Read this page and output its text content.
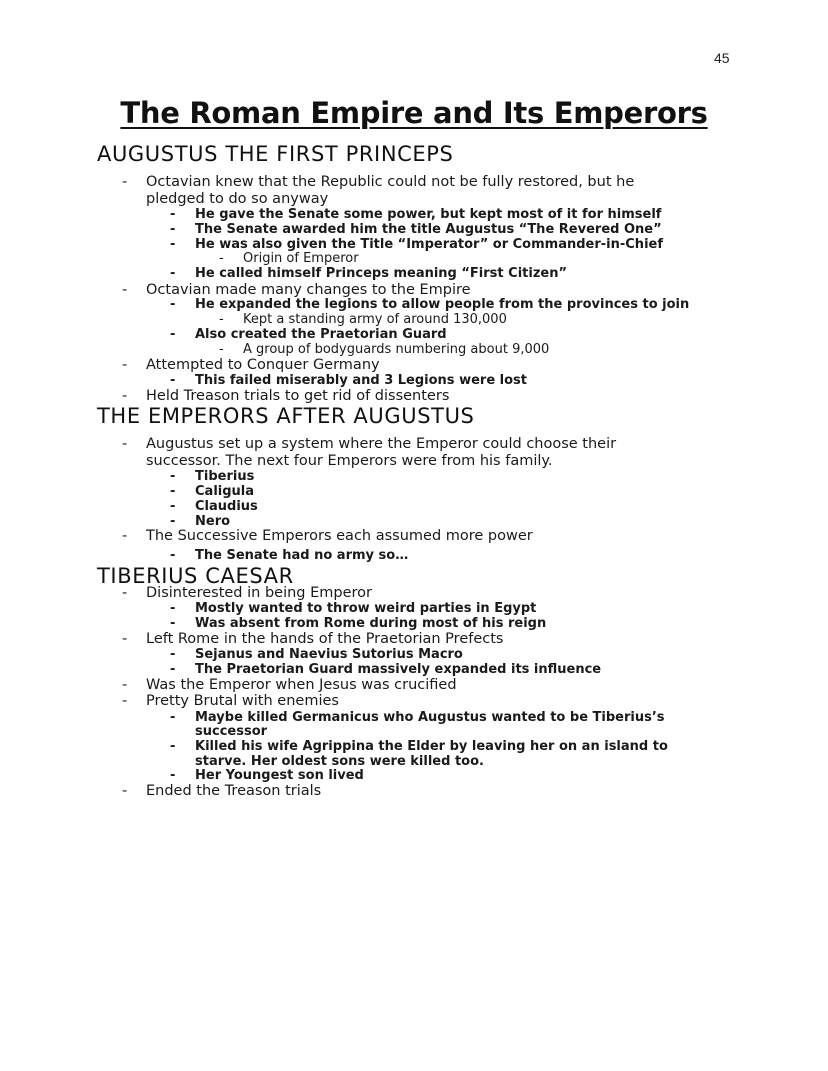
45
The Roman Empire and Its Emperors
AUGUSTUS THE FIRST PRINCEPS
- Octavian knew that the Republic could not be fully restored, but he
pledged to do so anyway
- He gave the Senate some power, but kept most of it for himself
- The Senate awarded him the title Augustus “The Revered One”
- He was also given the Title “Imperator” or Commander-in-Chief
- Origin of Emperor
- He called himself Princeps meaning “First Citizen”
- Octavian made many changes to the Empire
- He expanded the legions to allow people from the provinces to join
- Kept a standing army of around 130,000
- Also created the Praetorian Guard
- A group of bodyguards numbering about 9,000
- Attempted to Conquer Germany
- This failed miserably and 3 Legions were lost
- Held Treason trials to get rid of dissenters
THE EMPERORS AFTER AUGUSTUS
- Augustus set up a system where the Emperor could choose their
successor. The next four Emperors were from his family.
- Tiberius
- Caligula
- Claudius
- Nero
- The Successive Emperors each assumed more power
- The Senate had no army so…
TIBERIUS CAESAR
- Disinterested in being Emperor
- Mostly wanted to throw weird parties in Egypt
- Was absent from Rome during most of his reign
- Left Rome in the hands of the Praetorian Prefects
- Sejanus and Naevius Sutorius Macro
- The Praetorian Guard massively expanded its influence
- Was the Emperor when Jesus was crucified
- Pretty Brutal with enemies
- Maybe killed Germanicus who Augustus wanted to be Tiberius’s
successor
- Killed his wife Agrippina the Elder by leaving her on an island to
starve. Her oldest sons were killed too.
- Her Youngest son lived
- Ended the Treason trials
